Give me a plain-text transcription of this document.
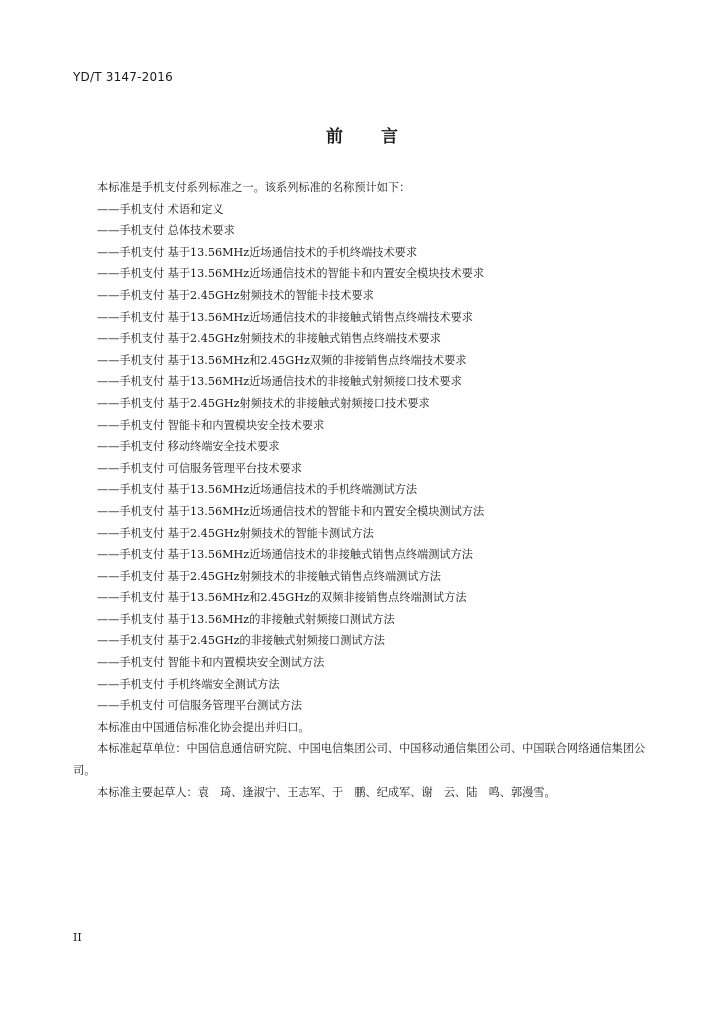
YD/T 3147-2016
前 言

本标准是手机支付系列标准之一。该系列标准的名称预计如下：

——手机支付 术语和定义

——手机支付 总体技术要求

——手机支付 基于13.56MHz近场通信技术的手机终端技术要求

——手机支付 基于13.56MHz近场通信技术的智能卡和内置安全模块技术要求

——手机支付 基于2.45GHz射频技术的智能卡技术要求

——手机支付 基于13.56MHz近场通信技术的非接触式销售点终端技术要求

——手机支付 基于2.45GHz射频技术的非接触式销售点终端技术要求

——手机支付 基于13.56MHz和2.45GHz双频的非接销售点终端技术要求

——手机支付 基于13.56MHz近场通信技术的非接触式射频接口技术要求

——手机支付 基于2.45GHz射频技术的非接触式射频接口技术要求

——手机支付 智能卡和内置模块安全技术要求

——手机支付 移动终端安全技术要求

——手机支付 可信服务管理平台技术要求

——手机支付 基于13.56MHz近场通信技术的手机终端测试方法

——手机支付 基于13.56MHz近场通信技术的智能卡和内置安全模块测试方法

——手机支付 基于2.45GHz射频技术的智能卡测试方法

——手机支付 基于13.56MHz近场通信技术的非接触式销售点终端测试方法

——手机支付 基于2.45GHz射频技术的非接触式销售点终端测试方法

——手机支付 基于13.56MHz和2.45GHz的双频非接销售点终端测试方法

——手机支付 基于13.56MHz的非接触式射频接口测试方法

——手机支付 基于2.45GHz的非接触式射频接口测试方法

——手机支付 智能卡和内置模块安全测试方法

——手机支付 手机终端安全测试方法

——手机支付 可信服务管理平台测试方法

本标准由中国通信标准化协会提出并归口。

本标准起草单位：中国信息通信研究院、中国电信集团公司、中国移动通信集团公司、中国联合网络通信集团公司。

本标准主要起草人：袁　琦、逢淑宁、王志军、于　鹏、纪成军、谢　云、陆　鸣、郭漫雪。

II
